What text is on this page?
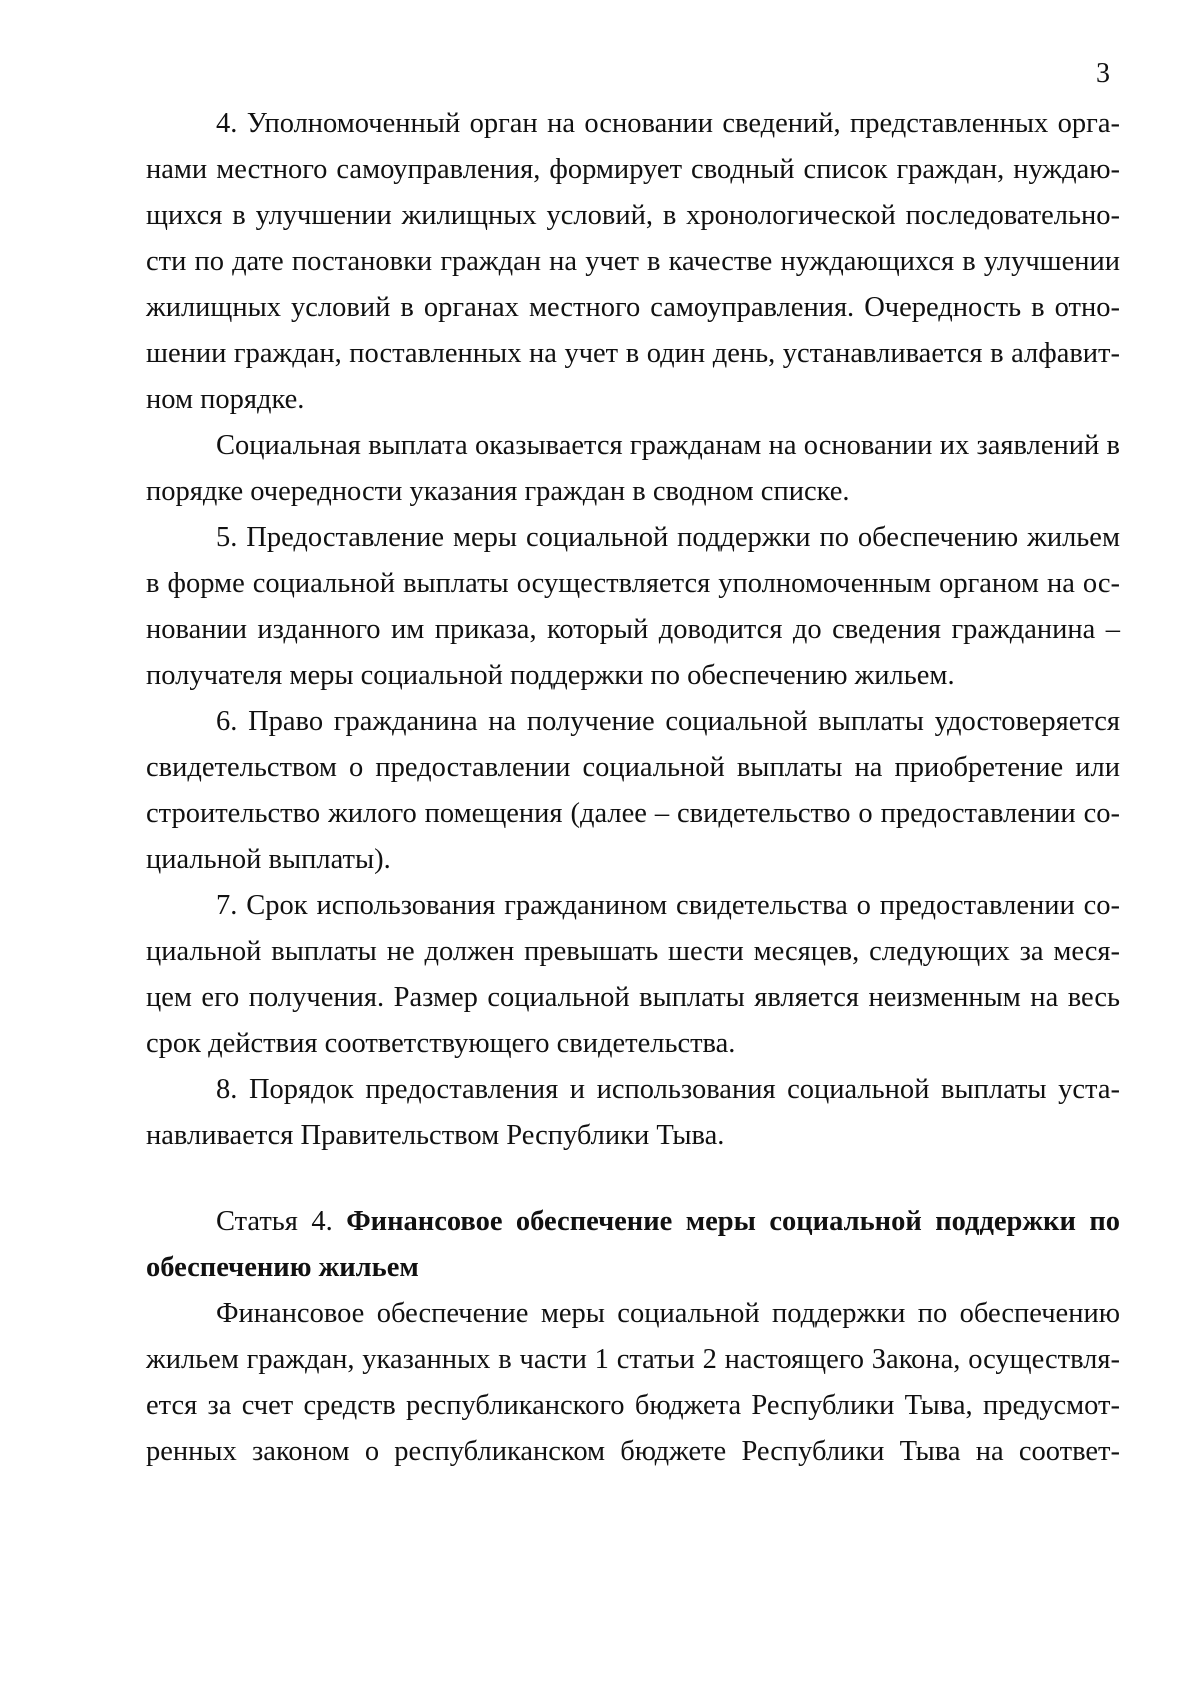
3
4. Уполномоченный орган на основании сведений, представленных орга-
нами местного самоуправления, формирует сводный список граждан, нуждаю-
щихся в улучшении жилищных условий, в хронологической последовательно-
сти по дате постановки граждан на учет в качестве нуждающихся в улучшении
жилищных условий в органах местного самоуправления. Очередность в отно-
шении граждан, поставленных на учет в один день, устанавливается в алфавит-
ном порядке.
Социальная выплата оказывается гражданам на основании их заявлений в
порядке очередности указания граждан в сводном списке.
5. Предоставление меры социальной поддержки по обеспечению жильем
в форме социальной выплаты осуществляется уполномоченным органом на ос-
новании изданного им приказа, который доводится до сведения гражданина –
получателя меры социальной поддержки по обеспечению жильем.
6. Право гражданина на получение социальной выплаты удостоверяется
свидетельством о предоставлении социальной выплаты на приобретение или
строительство жилого помещения (далее – свидетельство о предоставлении со-
циальной выплаты).
7. Срок использования гражданином свидетельства о предоставлении со-
циальной выплаты не должен превышать шести месяцев, следующих за меся-
цем его получения. Размер социальной выплаты является неизменным на весь
срок действия соответствующего свидетельства.
8. Порядок предоставления и использования социальной выплаты уста-
навливается Правительством Республики Тыва.
Статья 4. Финансовое обеспечение меры социальной поддержки по
обеспечению жильем
Финансовое обеспечение меры социальной поддержки по обеспечению
жильем граждан, указанных в части 1 статьи 2 настоящего Закона, осуществля-
ется за счет средств республиканского бюджета Республики Тыва, предусмот-
ренных законом о республиканском бюджете Республики Тыва на соответ-
